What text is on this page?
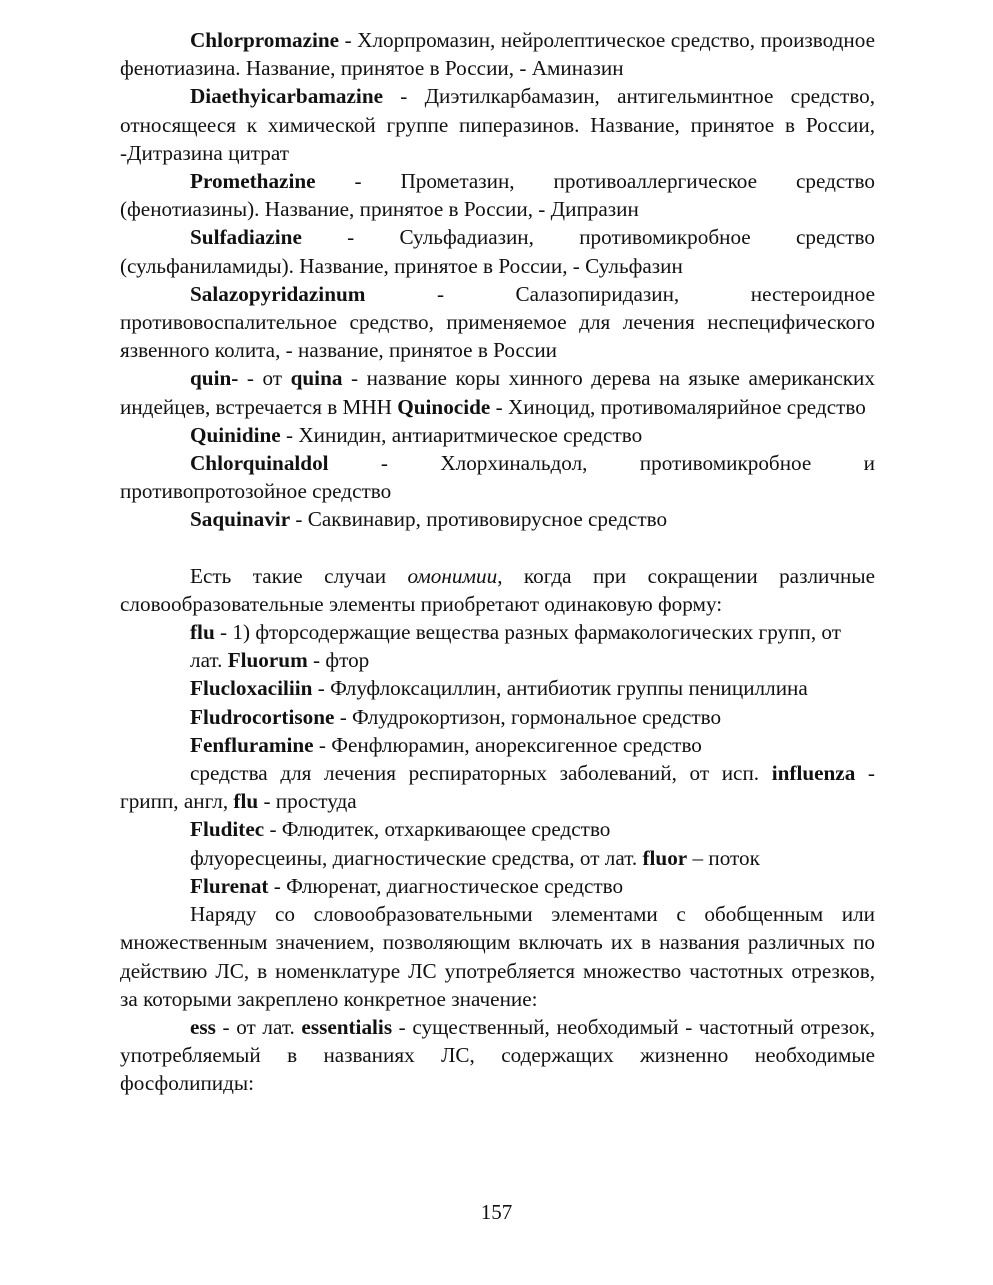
Chlorpromazine - Хлорпромазин, нейролептическое средство, производное фенотиазина. Название, принятое в России, - Аминазин

Diaethyicarbamazine - Диэтилкарбамазин, антигельминтное средство, относящееся к химической группе пиперазинов. Название, принятое в России, -Дитразина цитрат

Promethazine - Прометазин, противоаллергическое средство (фенотиазины). Название, принятое в России, - Дипразин

Sulfadiazine - Сульфадиазин, противомикробное средство (сульфаниламиды). Название, принятое в России, - Сульфазин

Salazopyridazinum - Салазопиридазин, нестероидное противовоспалительное средство, применяемое для лечения неспецифического язвенного колита, - название, принятое в России

quin- - от quina - название коры хинного дерева на языке американских индейцев, встречается в МНН Quinocide - Хиноцид, противомалярийное средство

Quinidine - Хинидин, антиаритмическое средство

Chlorquinaldol - Хлорхинальдол, противомикробное и противопротозойное средство

Saquinavir - Саквинавир, противовирусное средство

Есть такие случаи омонимии, когда при сокращении различные словообразовательные элементы приобретают одинаковую форму:

flu - 1) фторсодержащие вещества разных фармакологических групп, от

лат. Fluorum - фтор

Flucloxaciliin - Флуфлоксациллин, антибиотик группы пенициллина

Fludrocortisone - Флудрокортизон, гормональное средство

Fenfluramine - Фенфлюрамин, анорексигенное средство

средства для лечения респираторных заболеваний, от исп. influenza - грипп, англ, flu - простуда

Fluditec - Флюдитек, отхаркивающее средство

флуоресцеины, диагностические средства, от лат. fluor – поток

Flurenat - Флюренат, диагностическое средство

Наряду со словообразовательными элементами с обобщенным или множественным значением, позволяющим включать их в названия различных по действию ЛС, в номенклатуре ЛС употребляется множество частотных отрезков, за которыми закреплено конкретное значение:

ess - от лат. essentialis - существенный, необходимый - частотный отрезок, употребляемый в названиях ЛС, содержащих жизненно необходимые фосфолипиды:

157
